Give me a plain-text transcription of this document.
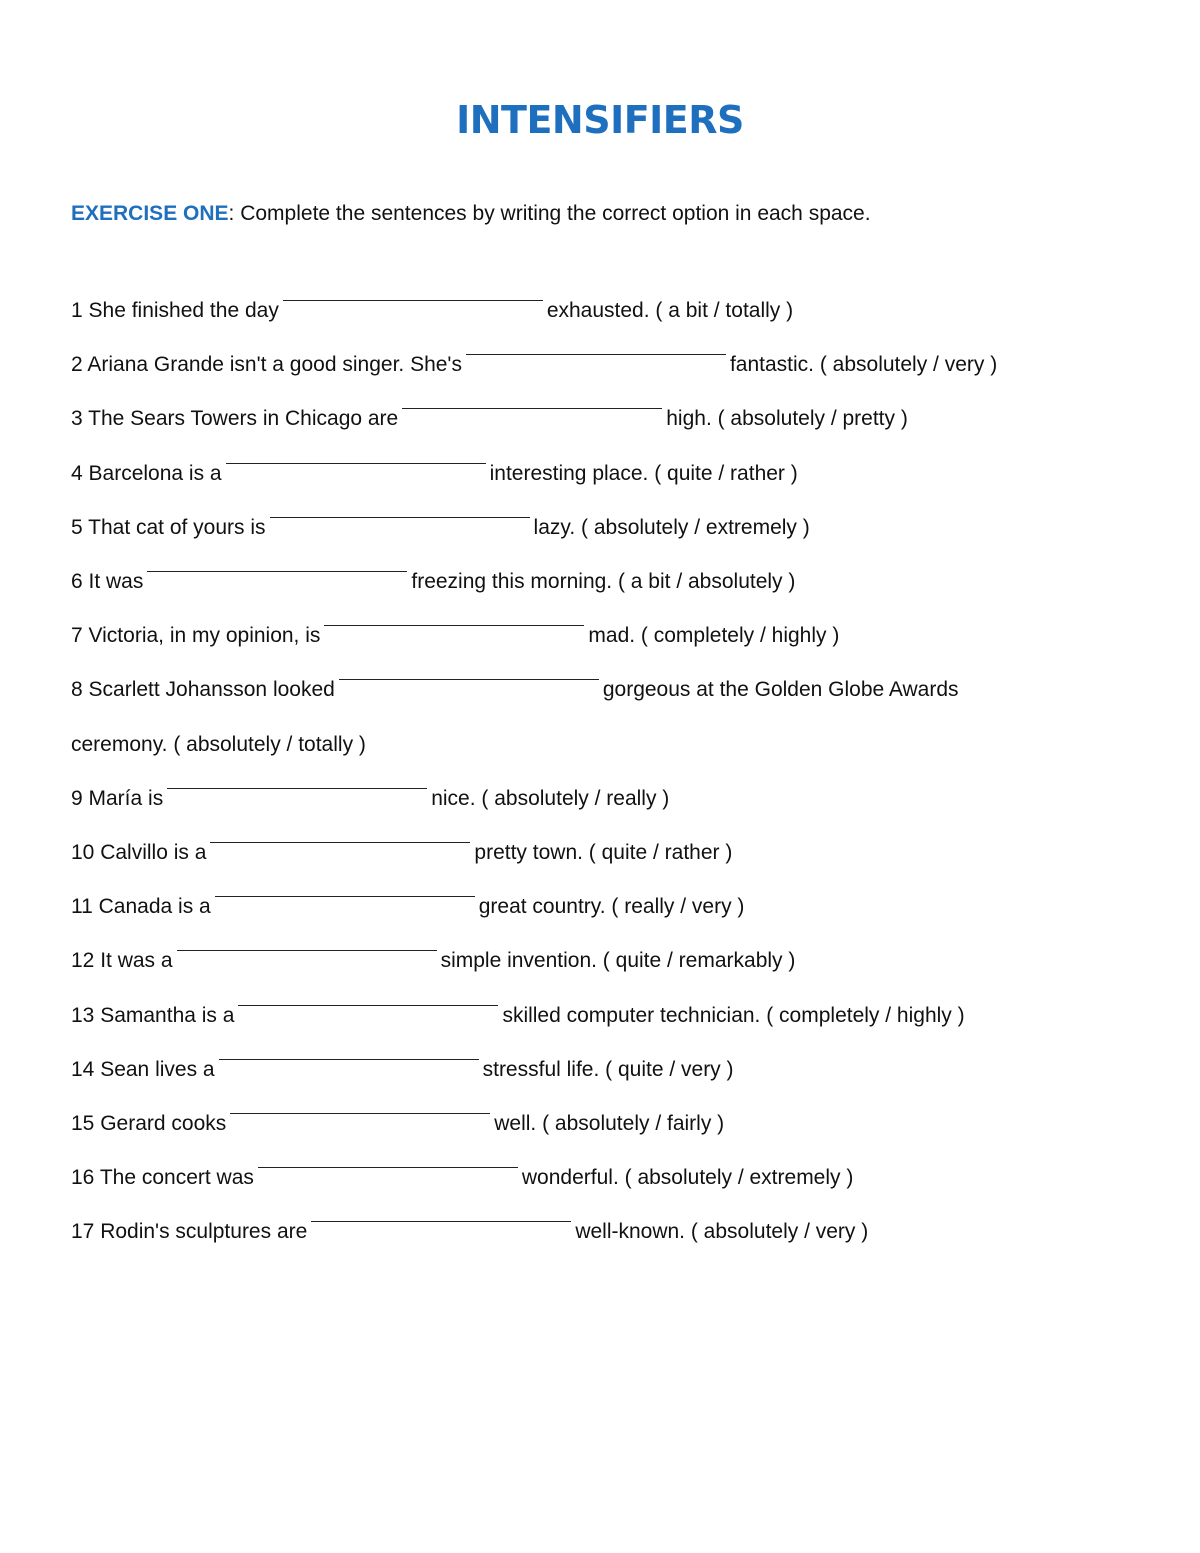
INTENSIFIERS

EXERCISE ONE: Complete the sentences by writing the correct option in each space.

1 She finished the day	exhausted. ( a bit / totally )
2 Ariana Grande isn't a good singer. She's	fantastic. ( absolutely / very )
3 The Sears Towers in Chicago are	high. ( absolutely / pretty )
4 Barcelona is a	interesting place. ( quite / rather )
5 That cat of yours is	lazy. ( absolutely / extremely )
6 It was	freezing this morning. ( a bit / absolutely )
7 Victoria, in my opinion, is	mad. ( completely / highly )
8 Scarlett Johansson looked	gorgeous at the Golden Globe Awards
ceremony. ( absolutely / totally )
9 María is	nice. ( absolutely / really )
10 Calvillo is a	pretty town. ( quite / rather )
11 Canada is a	great country. ( really / very )
12 It was a	simple invention. ( quite / remarkably )
13 Samantha is a	skilled computer technician. ( completely / highly )
14 Sean lives a	stressful life. ( quite / very )
15 Gerard cooks	well. ( absolutely / fairly )
16 The concert was	wonderful. ( absolutely / extremely )
17 Rodin's sculptures are	well-known. ( absolutely / very )
